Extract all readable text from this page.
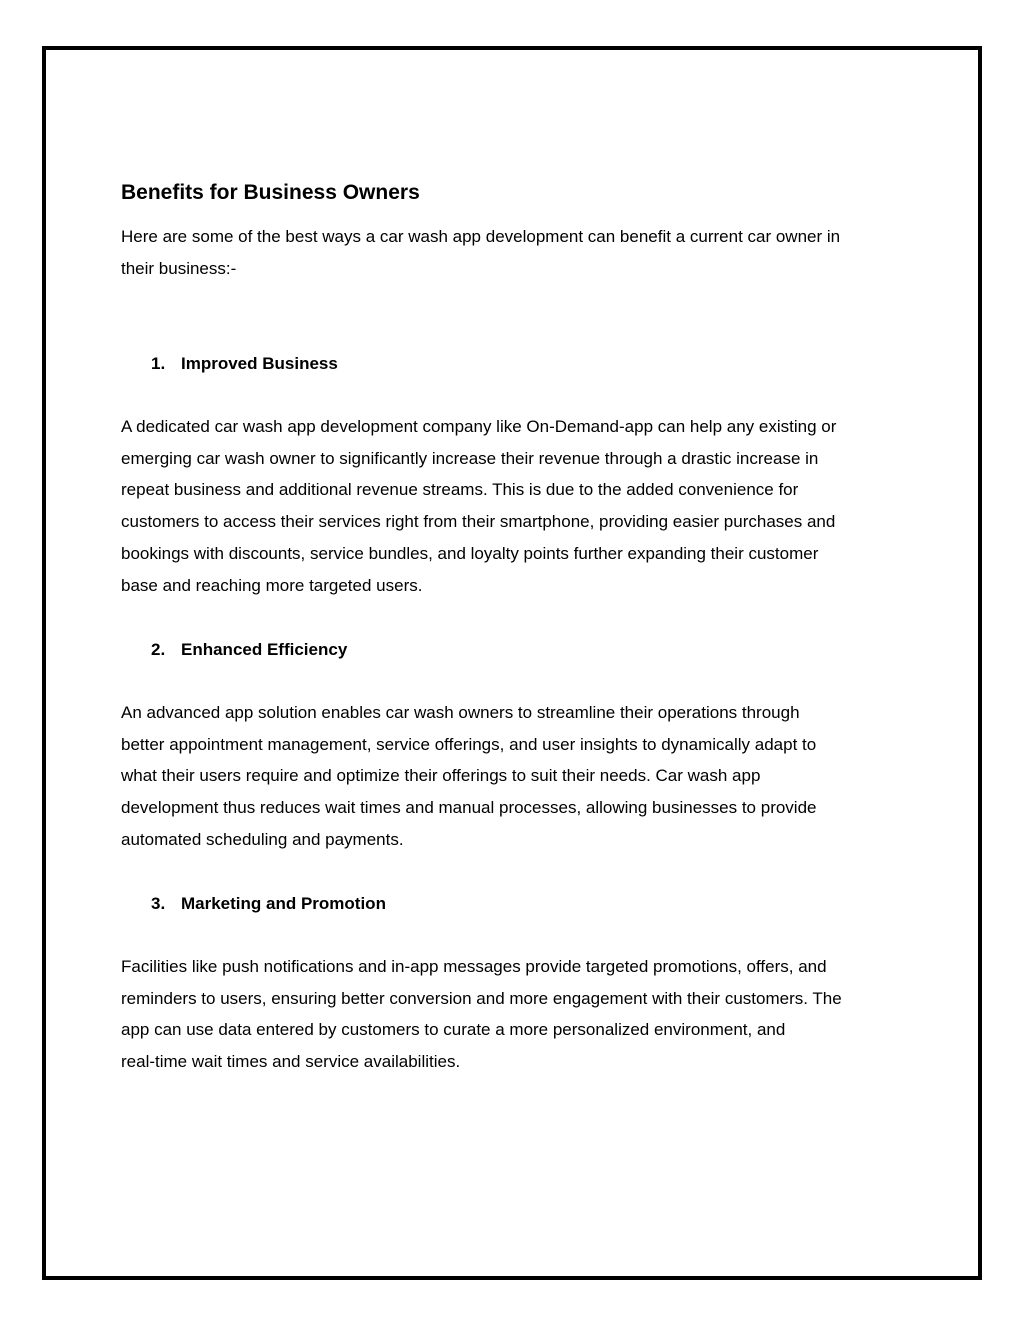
Benefits for Business Owners

Here are some of the best ways a car wash app development can benefit a current car owner in
their business:-

1. Improved Business

A dedicated car wash app development company like On-Demand-app can help any existing or
emerging car wash owner to significantly increase their revenue through a drastic increase in
repeat business and additional revenue streams. This is due to the added convenience for
customers to access their services right from their smartphone, providing easier purchases and
bookings with discounts, service bundles, and loyalty points further expanding their customer
base and reaching more targeted users.

2. Enhanced Efficiency

An advanced app solution enables car wash owners to streamline their operations through
better appointment management, service offerings, and user insights to dynamically adapt to
what their users require and optimize their offerings to suit their needs. Car wash app
development thus reduces wait times and manual processes, allowing businesses to provide
automated scheduling and payments.

3. Marketing and Promotion

Facilities like push notifications and in-app messages provide targeted promotions, offers, and
reminders to users, ensuring better conversion and more engagement with their customers. The
app can use data entered by customers to curate a more personalized environment, and
real-time wait times and service availabilities.
